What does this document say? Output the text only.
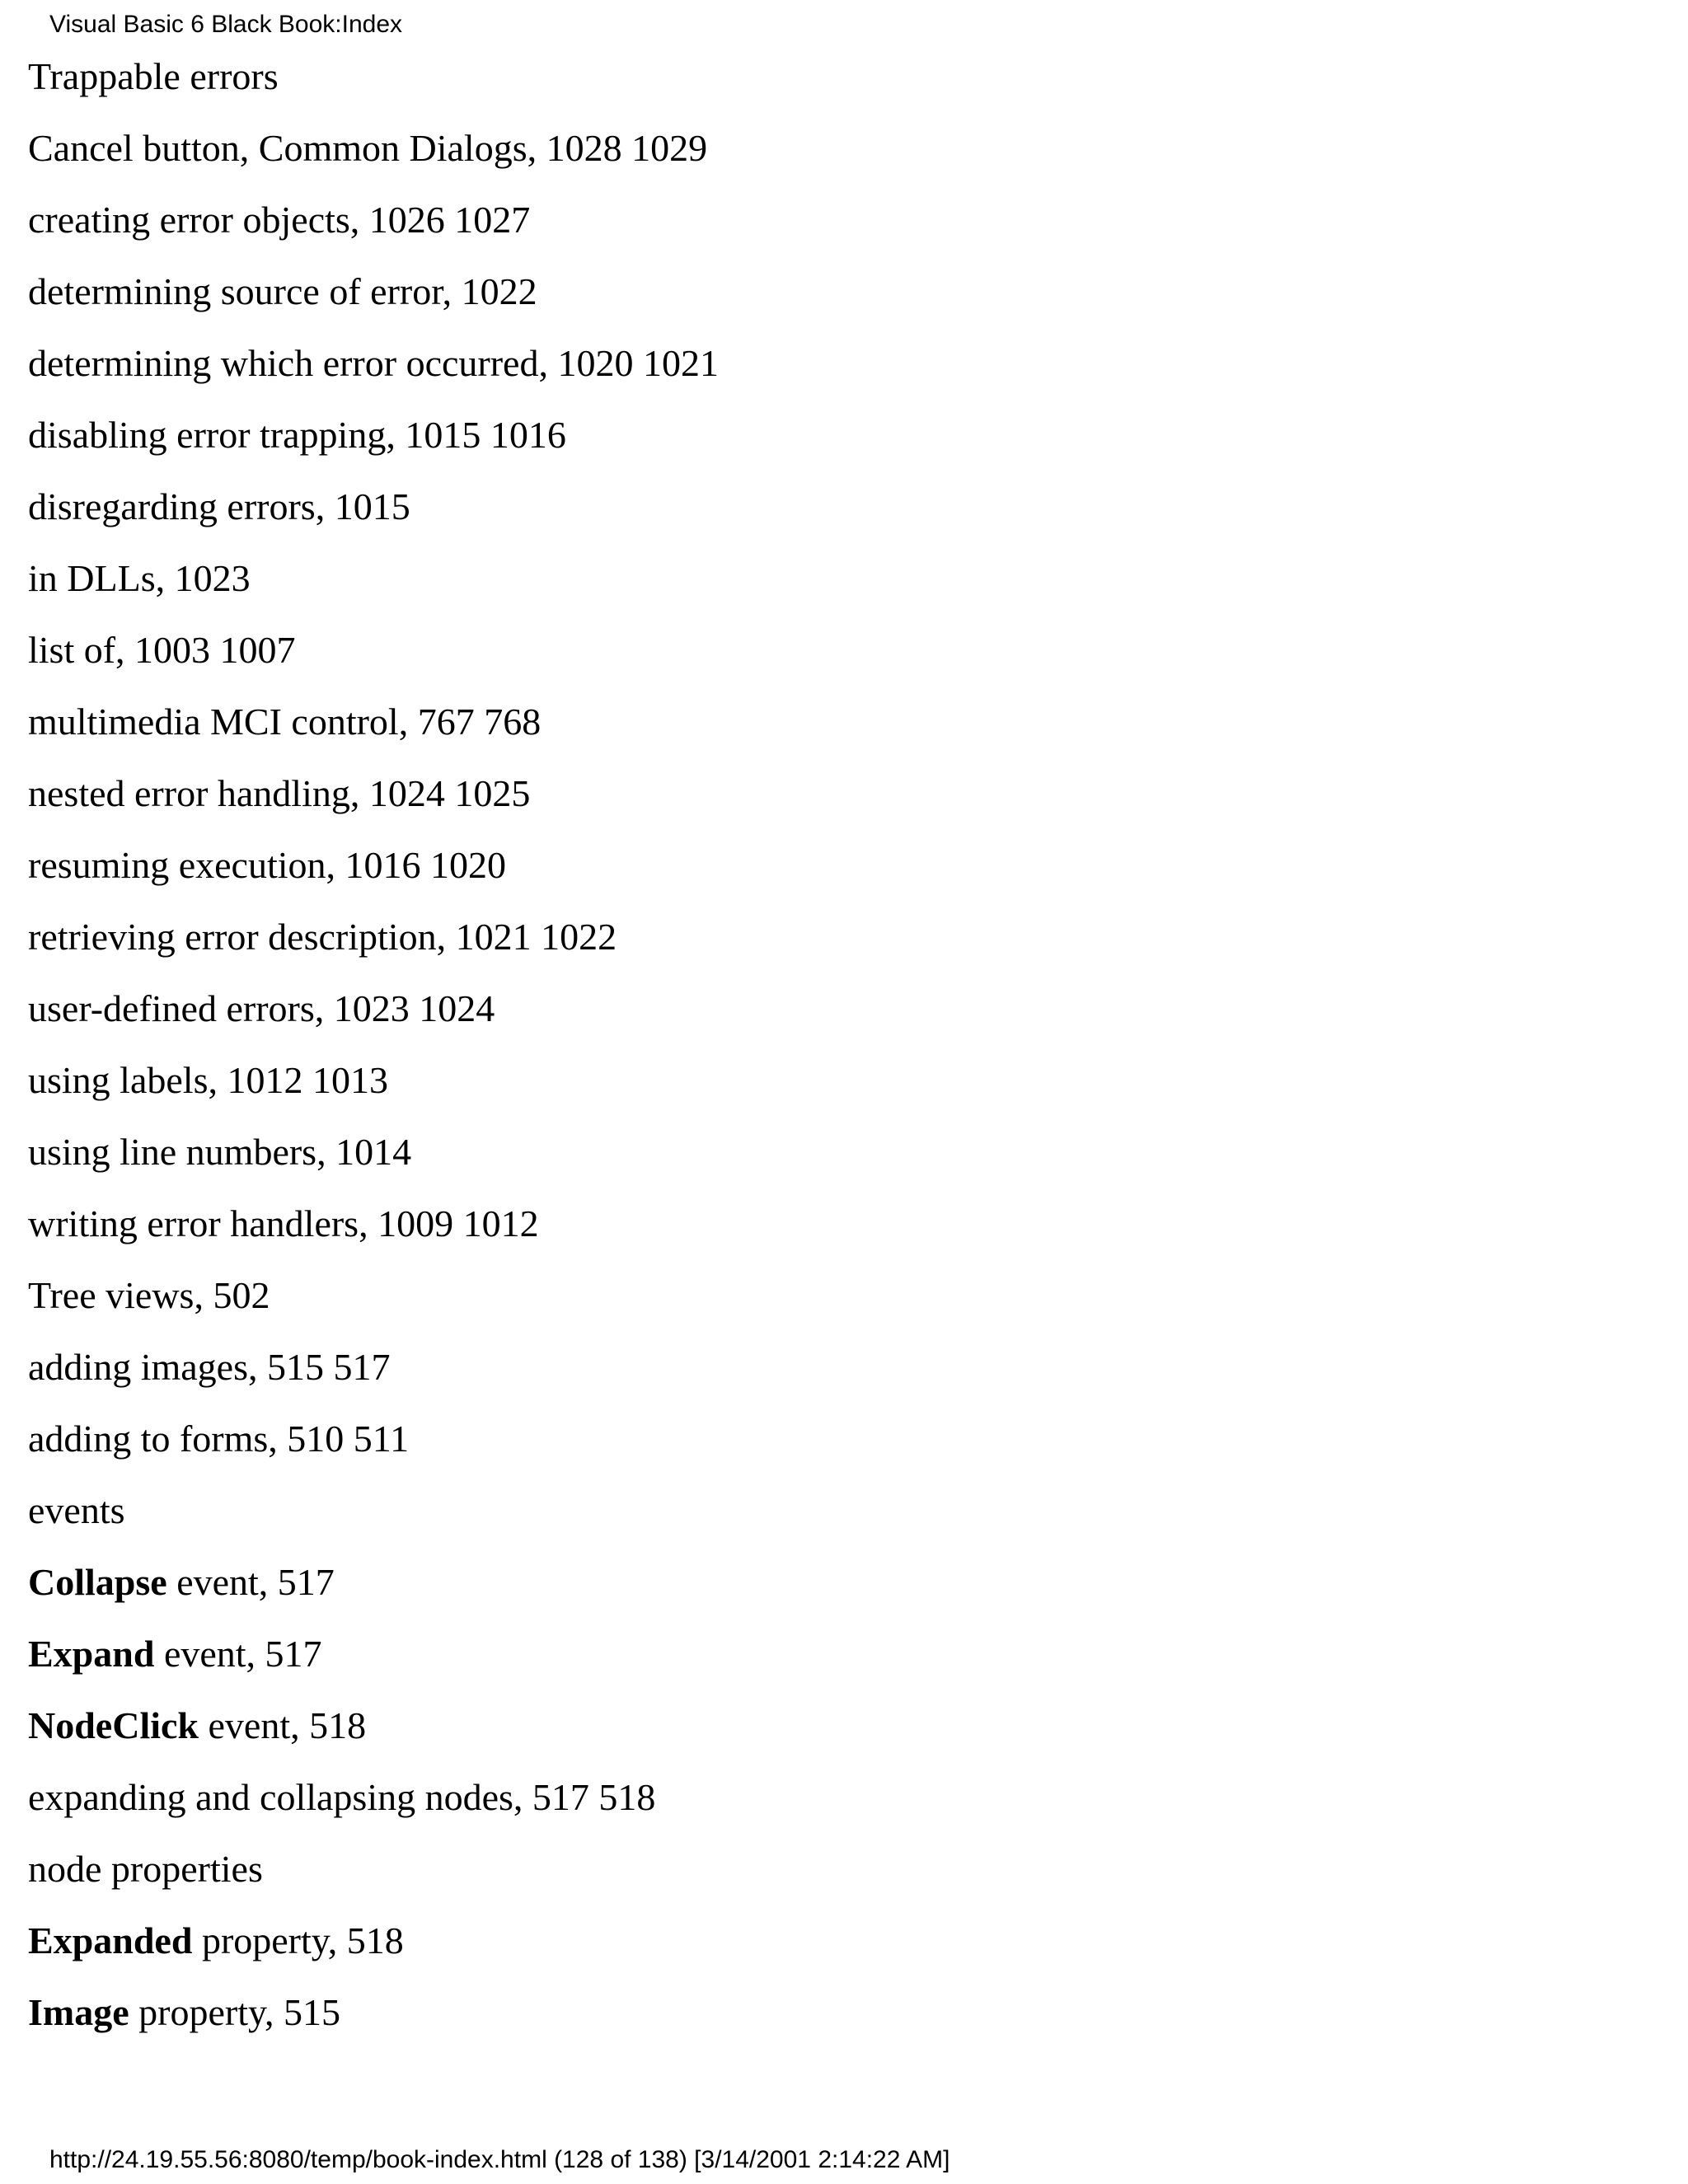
Visual Basic 6 Black Book:Index
Trappable errors
Cancel button, Common Dialogs, 1028 1029
creating error objects, 1026 1027
determining source of error, 1022
determining which error occurred, 1020 1021
disabling error trapping, 1015 1016
disregarding errors, 1015
in DLLs, 1023
list of, 1003 1007
multimedia MCI control, 767 768
nested error handling, 1024 1025
resuming execution, 1016 1020
retrieving error description, 1021 1022
user-defined errors, 1023 1024
using labels, 1012 1013
using line numbers, 1014
writing error handlers, 1009 1012
Tree views, 502
adding images, 515 517
adding to forms, 510 511
events
Collapse event, 517
Expand event, 517
NodeClick event, 518
expanding and collapsing nodes, 517 518
node properties
Expanded property, 518
Image property, 515
http://24.19.55.56:8080/temp/book-index.html (128 of 138) [3/14/2001 2:14:22 AM]
